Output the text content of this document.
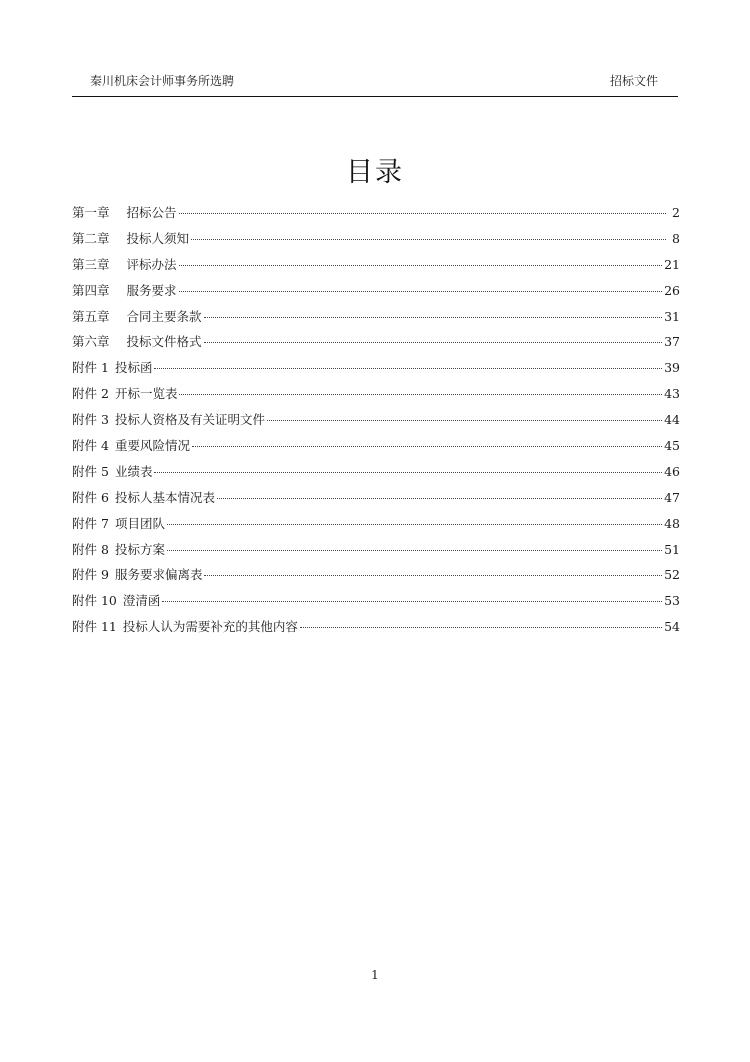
秦川机床会计师事务所选聘	招标文件
目录
第一章 招标公告	2
第二章 投标人须知	8
第三章 评标办法	21
第四章 服务要求	26
第五章 合同主要条款	31
第六章 投标文件格式	37
附件 1 投标函	39
附件 2 开标一览表	43
附件 3 投标人资格及有关证明文件	44
附件 4 重要风险情况	45
附件 5 业绩表	46
附件 6 投标人基本情况表	47
附件 7 项目团队	48
附件 8 投标方案	51
附件 9 服务要求偏离表	52
附件 10 澄清函	53
附件 11 投标人认为需要补充的其他内容	54
1
